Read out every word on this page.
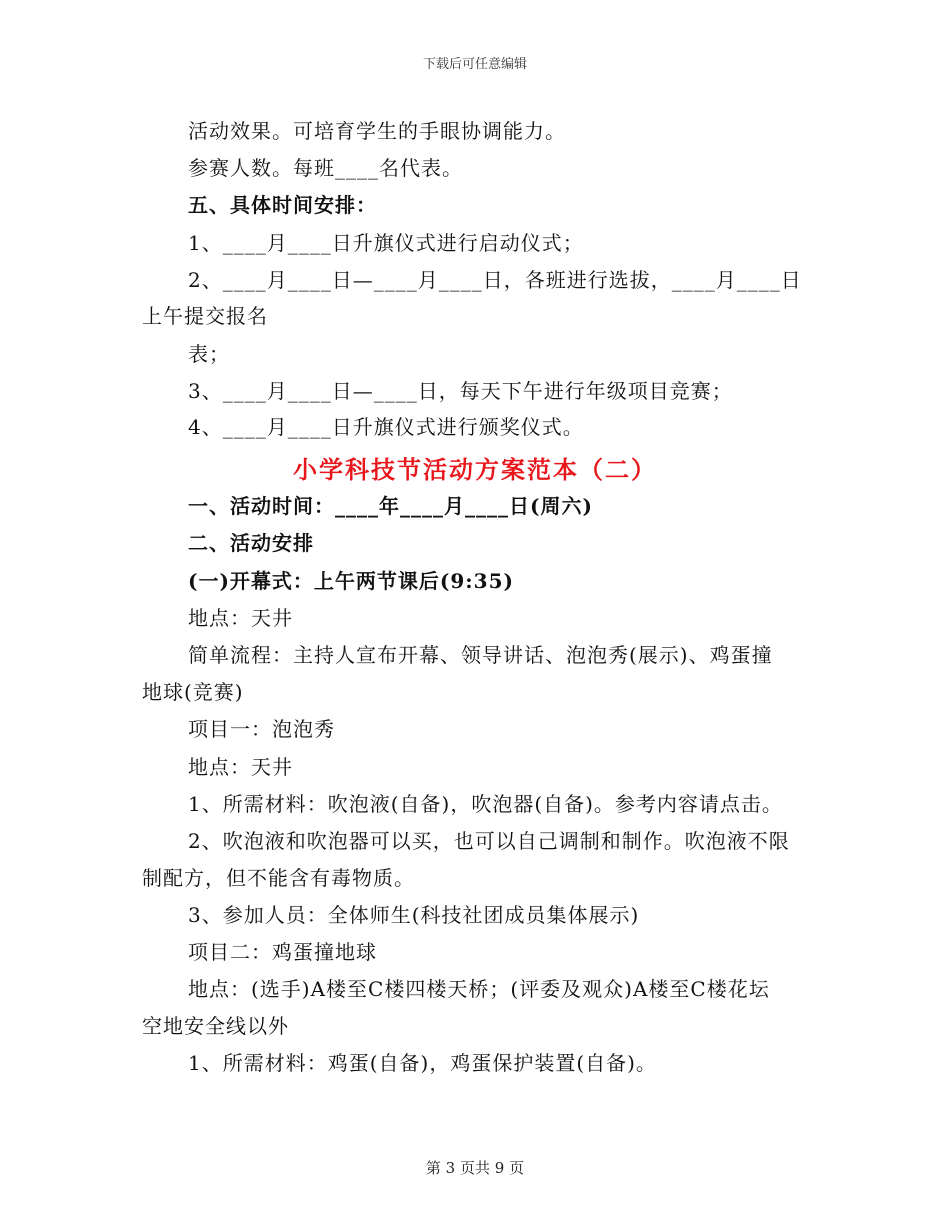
下载后可任意编辑
活动效果。可培育学生的手眼协调能力。
参赛人数。每班____名代表。
五、具体时间安排：
1、____月____日升旗仪式进行启动仪式；
2、____月____日—____月____日，各班进行选拔，____月____日
上午提交报名
表；
3、____月____日—____日，每天下午进行年级项目竞赛；
4、____月____日升旗仪式进行颁奖仪式。
小学科技节活动方案范本（二）
一、活动时间：____年____月____日(周六)
二、活动安排
(一)开幕式：上午两节课后(9:35)
地点：天井
简单流程：主持人宣布开幕、领导讲话、泡泡秀(展示)、鸡蛋撞
地球(竞赛)
项目一：泡泡秀
地点：天井
1、所需材料：吹泡液(自备)，吹泡器(自备)。参考内容请点击。
2、吹泡液和吹泡器可以买，也可以自己调制和制作。吹泡液不限
制配方，但不能含有毒物质。
3、参加人员：全体师生(科技社团成员集体展示)
项目二：鸡蛋撞地球
地点：(选手)A楼至C楼四楼天桥；(评委及观众)A楼至C楼花坛
空地安全线以外
1、所需材料：鸡蛋(自备)，鸡蛋保护装置(自备)。
第 3 页共 9 页
